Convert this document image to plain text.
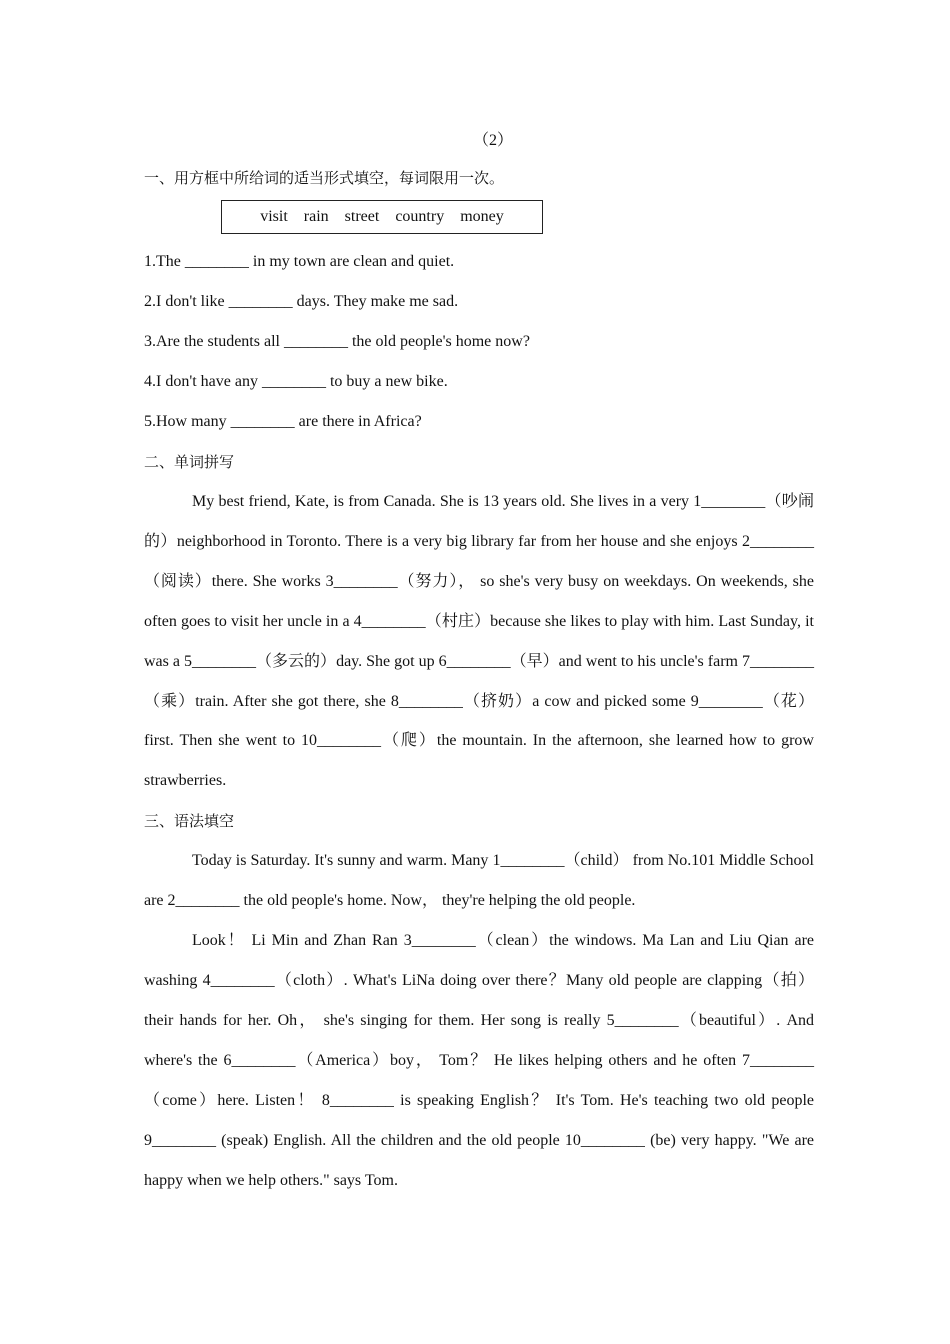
（2）
一、用方框中所给词的适当形式填空，每词限用一次。
visit rain street country money
1.The ________ in my town are clean and quiet.
2.I don't like ________ days. They make me sad.
3.Are the students all ________ the old people's home now?
4.I don't have any ________ to buy a new bike.
5.How many ________ are there in Africa?
二、单词拼写
My best friend, Kate, is from Canada. She is 13 years old. She lives in a very 1________（吵闹的）neighborhood in Toronto. There is a very big library far from her house and she enjoys 2________（阅读）there. She works 3________（努力）， so she's very busy on weekdays. On weekends, she often goes to visit her uncle in a 4________（村庄）because she likes to play with him. Last Sunday, it was a 5________（多云的）day. She got up 6________（早）and went to his uncle's farm 7________（乘）train. After she got there, she 8________（挤奶）a cow and picked some 9________（花）first. Then she went to 10________（爬）the mountain. In the afternoon, she learned how to grow strawberries.
三、语法填空
Today is Saturday. It's sunny and warm. Many 1________（child） from No.101 Middle School are 2________ the old people's home. Now， they're helping the old people.
Look！ Li Min and Zhan Ran 3________（clean）the windows. Ma Lan and Liu Qian are washing 4________（cloth）. What's LiNa doing over there？Many old people are clapping（拍）their hands for her. Oh， she's singing for them. Her song is really 5________（beautiful）. And where's the 6________（America）boy， Tom？ He likes helping others and he often 7________（come）here. Listen！ 8________ is speaking English？ It's Tom. He's teaching two old people 9________ (speak) English. All the children and the old people 10________ (be) very happy. "We are happy when we help others." says Tom.
